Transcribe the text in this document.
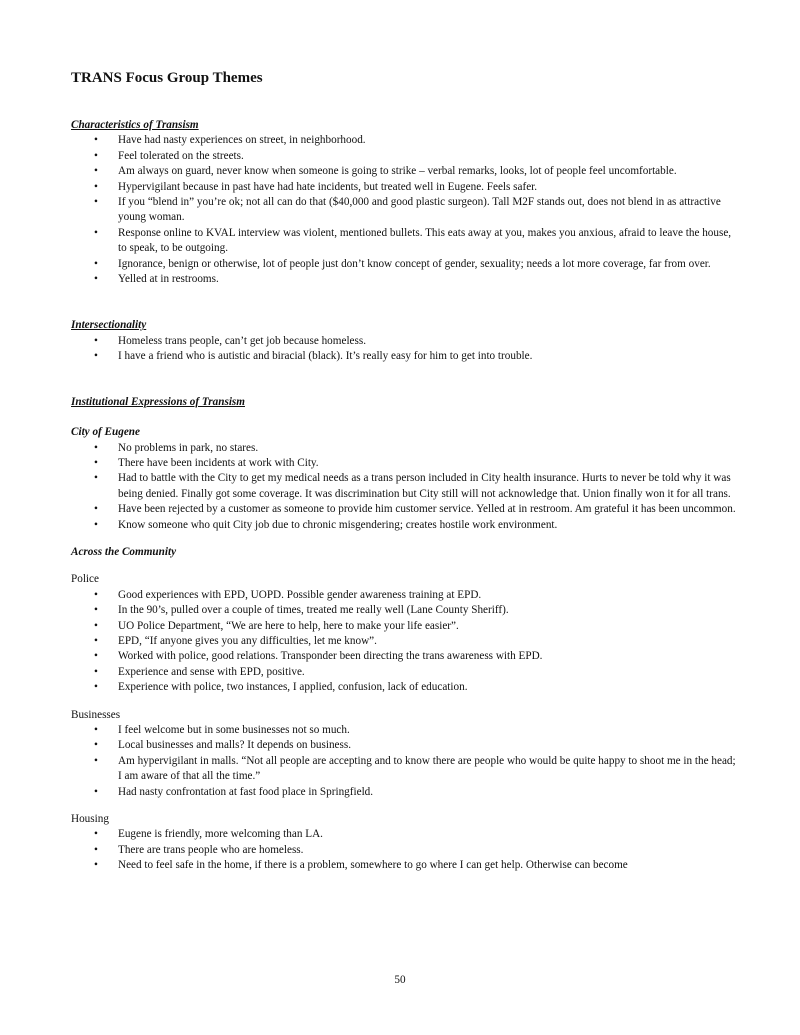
TRANS Focus Group Themes
Characteristics of Transism
• Have had nasty experiences on street, in neighborhood.
• Feel tolerated on the streets.
• Am always on guard, never know when someone is going to strike – verbal remarks, looks, lot of people feel uncomfortable.
• Hypervigilant because in past have had hate incidents, but treated well in Eugene. Feels safer.
• If you “blend in” you’re ok; not all can do that ($40,000 and good plastic surgeon). Tall M2F stands out, does not blend in as attractive young woman.
• Response online to KVAL interview was violent, mentioned bullets. This eats away at you, makes you anxious, afraid to leave the house, to speak, to be outgoing.
• Ignorance, benign or otherwise, lot of people just don’t know concept of gender, sexuality; needs a lot more coverage, far from over.
• Yelled at in restrooms.
Intersectionality
• Homeless trans people, can’t get job because homeless.
• I have a friend who is autistic and biracial (black). It’s really easy for him to get into trouble.
Institutional Expressions of Transism
City of Eugene
• No problems in park, no stares.
• There have been incidents at work with City.
• Had to battle with the City to get my medical needs as a trans person included in City health insurance. Hurts to never be told why it was being denied. Finally got some coverage. It was discrimination but City still will not acknowledge that. Union finally won it for all trans.
• Have been rejected by a customer as someone to provide him customer service. Yelled at in restroom. Am grateful it has been uncommon.
• Know someone who quit City job due to chronic misgendering; creates hostile work environment.
Across the Community
Police
• Good experiences with EPD, UOPD. Possible gender awareness training at EPD.
• In the 90’s, pulled over a couple of times, treated me really well (Lane County Sheriff).
• UO Police Department, “We are here to help, here to make your life easier”.
• EPD, “If anyone gives you any difficulties, let me know”.
• Worked with police, good relations. Transponder been directing the trans awareness with EPD.
• Experience and sense with EPD, positive.
• Experience with police, two instances, I applied, confusion, lack of education.
Businesses
• I feel welcome but in some businesses not so much.
• Local businesses and malls? It depends on business.
• Am hypervigilant in malls. “Not all people are accepting and to know there are people who would be quite happy to shoot me in the head; I am aware of that all the time.”
• Had nasty confrontation at fast food place in Springfield.
Housing
• Eugene is friendly, more welcoming than LA.
• There are trans people who are homeless.
• Need to feel safe in the home, if there is a problem, somewhere to go where I can get help. Otherwise can become
50
